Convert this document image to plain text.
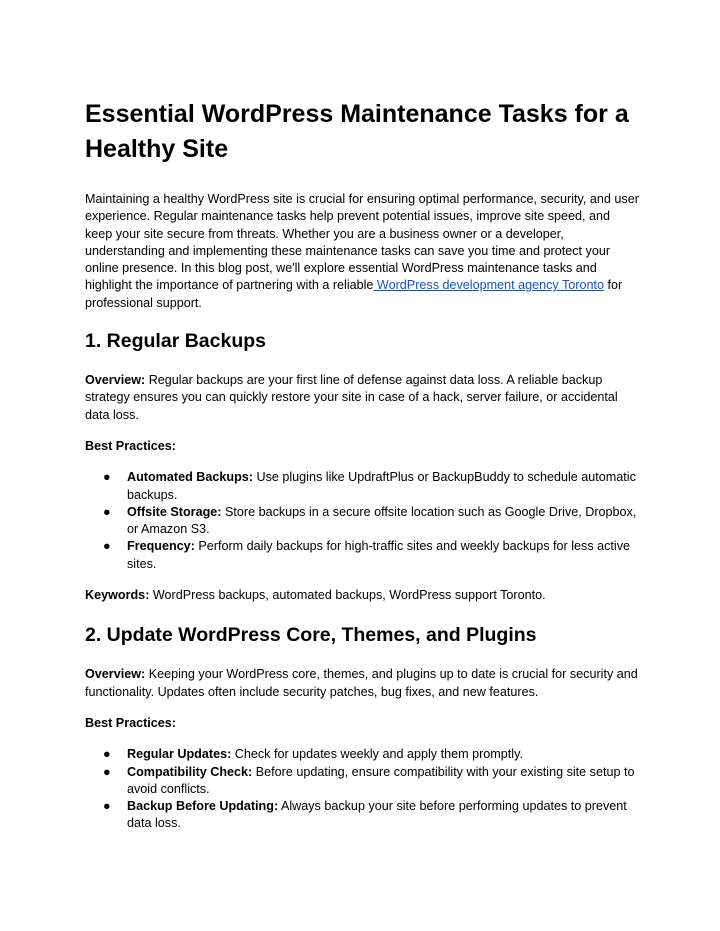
Essential WordPress Maintenance Tasks for a Healthy Site

Maintaining a healthy WordPress site is crucial for ensuring optimal performance, security, and user experience. Regular maintenance tasks help prevent potential issues, improve site speed, and keep your site secure from threats. Whether you are a business owner or a developer, understanding and implementing these maintenance tasks can save you time and protect your online presence. In this blog post, we'll explore essential WordPress maintenance tasks and highlight the importance of partnering with a reliable WordPress development agency Toronto for professional support.

1. Regular Backups

Overview: Regular backups are your first line of defense against data loss. A reliable backup strategy ensures you can quickly restore your site in case of a hack, server failure, or accidental data loss.

Best Practices:

● Automated Backups: Use plugins like UpdraftPlus or BackupBuddy to schedule automatic backups.
● Offsite Storage: Store backups in a secure offsite location such as Google Drive, Dropbox, or Amazon S3.
● Frequency: Perform daily backups for high-traffic sites and weekly backups for less active sites.

Keywords: WordPress backups, automated backups, WordPress support Toronto.

2. Update WordPress Core, Themes, and Plugins

Overview: Keeping your WordPress core, themes, and plugins up to date is crucial for security and functionality. Updates often include security patches, bug fixes, and new features.

Best Practices:

● Regular Updates: Check for updates weekly and apply them promptly.
● Compatibility Check: Before updating, ensure compatibility with your existing site setup to avoid conflicts.
● Backup Before Updating: Always backup your site before performing updates to prevent data loss.
